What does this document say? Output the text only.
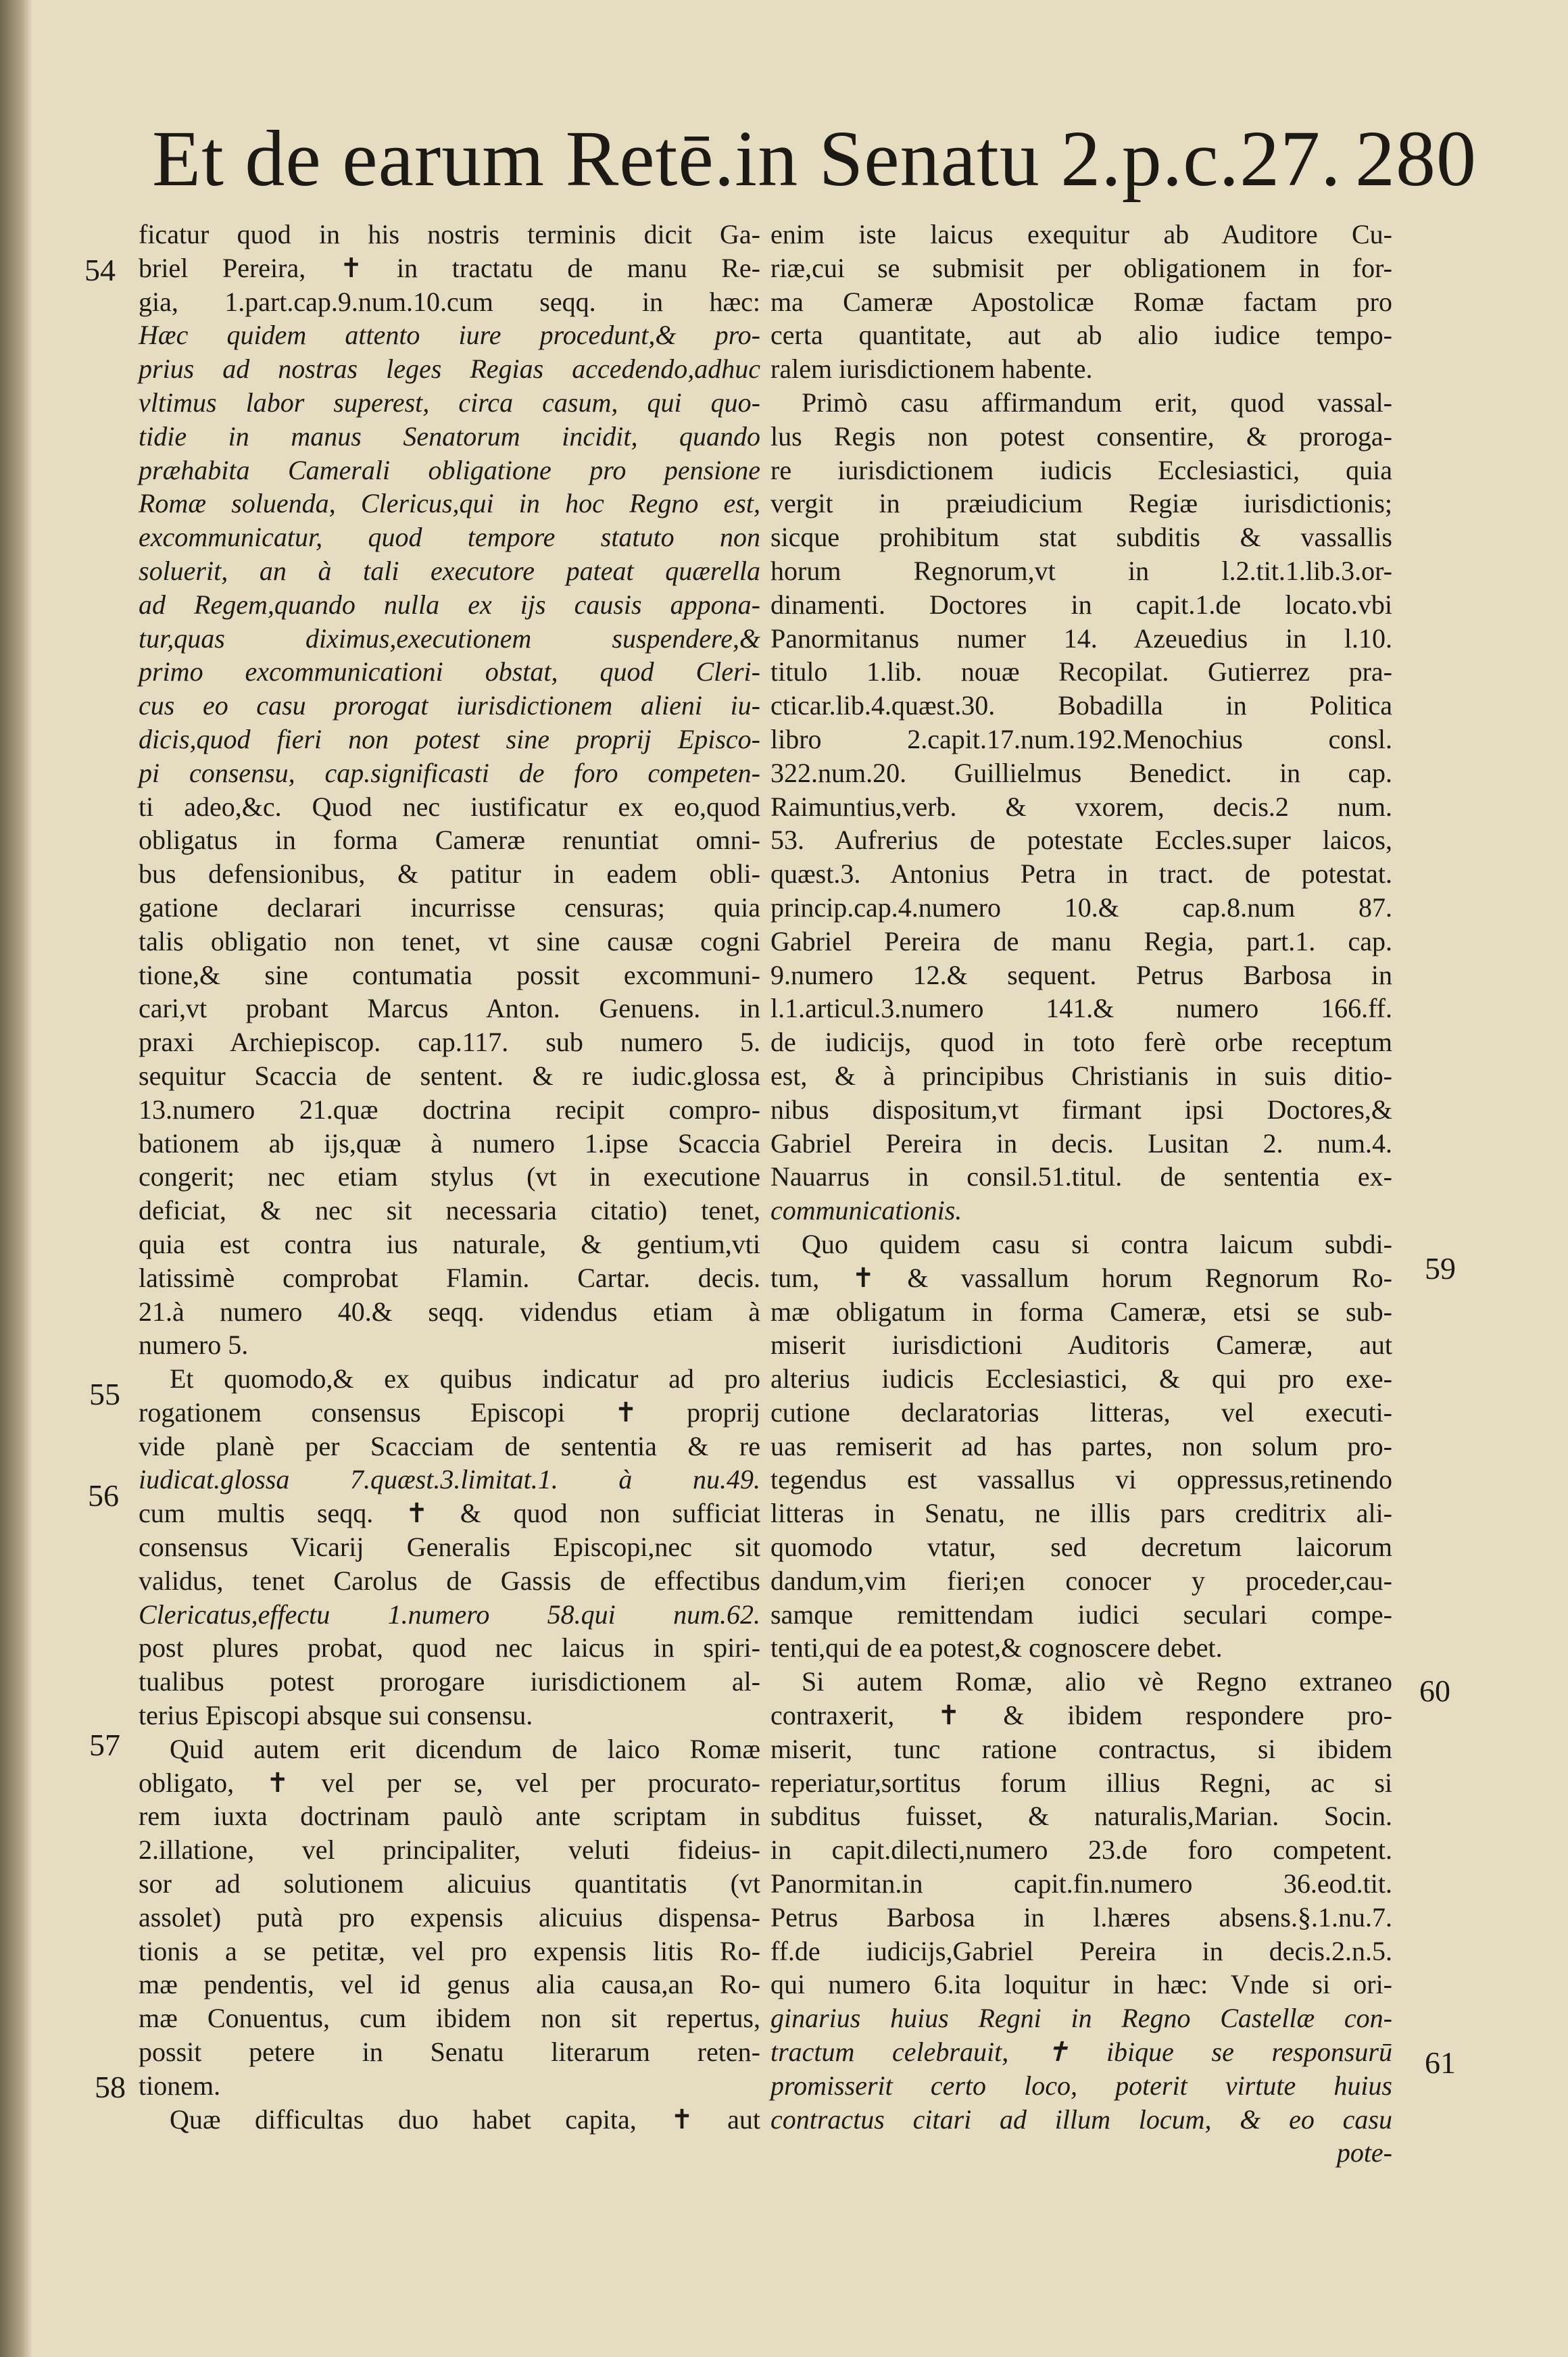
Et de earum Retē.in Senatu 2.p.c.27. 280
54
55
56
57
58
59
60
61
ficatur quod in his nostris terminis dicit Ga-
briel Pereira, ✝ in tractatu de manu Re-
gia, 1.part.cap.9.num.10.cum seqq. in hæc:
Hæc quidem attento iure procedunt,& pro-
prius ad nostras leges Regias accedendo,adhuc
vltimus labor superest, circa casum, qui quo-
tidie in manus Senatorum incidit, quando
præhabita Camerali obligatione pro pensione
Romæ soluenda, Clericus,qui in hoc Regno est,
excommunicatur, quod tempore statuto non
soluerit, an à tali executore pateat quærella
ad Regem,quando nulla ex ijs causis appona-
tur,quas diximus,executionem suspendere,&
primo excommunicationi obstat, quod Cleri-
cus eo casu prorogat iurisdictionem alieni iu-
dicis,quod fieri non potest sine proprij Episco-
pi consensu, cap.significasti de foro competen-
ti adeo,&c. Quod nec iustificatur ex eo,quod
obligatus in forma Cameræ renuntiat omni-
bus defensionibus, & patitur in eadem obli-
gatione declarari incurrisse censuras; quia
talis obligatio non tenet, vt sine causæ cogni
tione,& sine contumatia possit excommuni-
cari,vt probant Marcus Anton. Genuens. in
praxi Archiepiscop. cap.117. sub numero 5.
sequitur Scaccia de sentent. & re iudic.glossa
13.numero 21.quæ doctrina recipit compro-
bationem ab ijs,quæ à numero 1.ipse Scaccia
congerit; nec etiam stylus (vt in executione
deficiat, & nec sit necessaria citatio) tenet,
quia est contra ius naturale, & gentium,vti
latissimè comprobat Flamin. Cartar. decis.
21.à numero 40.& seqq. videndus etiam à
numero 5.
Et quomodo,& ex quibus indicatur ad pro
rogationem consensus Episcopi ✝ proprij
vide planè per Scacciam de sententia & re
iudicat.glossa 7.quæst.3.limitat.1. à nu.49.
cum multis seqq. ✝ & quod non sufficiat
consensus Vicarij Generalis Episcopi,nec sit
validus, tenet Carolus de Gassis de effectibus
Clericatus,effectu 1.numero 58.qui num.62.
post plures probat, quod nec laicus in spiri-
tualibus potest prorogare iurisdictionem al-
terius Episcopi absque sui consensu.
Quid autem erit dicendum de laico Romæ
obligato, ✝ vel per se, vel per procurato-
rem iuxta doctrinam paulò ante scriptam in
2.illatione, vel principaliter, veluti fideius-
sor ad solutionem alicuius quantitatis (vt
assolet) putà pro expensis alicuius dispensa-
tionis a se petitæ, vel pro expensis litis Ro-
mæ pendentis, vel id genus alia causa,an Ro-
mæ Conuentus, cum ibidem non sit repertus,
possit petere in Senatu literarum reten-
tionem.
Quæ difficultas duo habet capita, ✝ aut
enim iste laicus exequitur ab Auditore Cu-
riæ,cui se submisit per obligationem in for-
ma Cameræ Apostolicæ Romæ factam pro
certa quantitate, aut ab alio iudice tempo-
ralem iurisdictionem habente.
Primò casu affirmandum erit, quod vassal-
lus Regis non potest consentire, & proroga-
re iurisdictionem iudicis Ecclesiastici, quia
vergit in præiudicium Regiæ iurisdictionis;
sicque prohibitum stat subditis & vassallis
horum Regnorum,vt in l.2.tit.1.lib.3.or-
dinamenti. Doctores in capit.1.de locato.vbi
Panormitanus numer 14. Azeuedius in l.10.
titulo 1.lib. nouæ Recopilat. Gutierrez pra-
cticar.lib.4.quæst.30. Bobadilla in Politica
libro 2.capit.17.num.192.Menochius consl.
322.num.20. Guillielmus Benedict. in cap.
Raimuntius,verb. & vxorem, decis.2 num.
53. Aufrerius de potestate Eccles.super laicos,
quæst.3. Antonius Petra in tract. de potestat.
princip.cap.4.numero 10.& cap.8.num 87.
Gabriel Pereira de manu Regia, part.1. cap.
9.numero 12.& sequent. Petrus Barbosa in
l.1.articul.3.numero 141.& numero 166.ff.
de iudicijs, quod in toto ferè orbe receptum
est, & à principibus Christianis in suis ditio-
nibus dispositum,vt firmant ipsi Doctores,&
Gabriel Pereira in decis. Lusitan 2. num.4.
Nauarrus in consil.51.titul. de sententia ex-
communicationis.
Quo quidem casu si contra laicum subdi-
tum, ✝ & vassallum horum Regnorum Ro-
mæ obligatum in forma Cameræ, etsi se sub-
miserit iurisdictioni Auditoris Cameræ, aut
alterius iudicis Ecclesiastici, & qui pro exe-
cutione declaratorias litteras, vel executi-
uas remiserit ad has partes, non solum pro-
tegendus est vassallus vi oppressus,retinendo
litteras in Senatu, ne illis pars creditrix ali-
quomodo vtatur, sed decretum laicorum
dandum,vim fieri;en conocer y proceder,cau-
samque remittendam iudici seculari compe-
tenti,qui de ea potest,& cognoscere debet.
Si autem Romæ, alio vè Regno extraneo
contraxerit, ✝ & ibidem respondere pro-
miserit, tunc ratione contractus, si ibidem
reperiatur,sortitus forum illius Regni, ac si
subditus fuisset, & naturalis,Marian. Socin.
in capit.dilecti,numero 23.de foro competent.
Panormitan.in capit.fin.numero 36.eod.tit.
Petrus Barbosa in l.hæres absens.§.1.nu.7.
ff.de iudicijs,Gabriel Pereira in decis.2.n.5.
qui numero 6.ita loquitur in hæc: Vnde si ori-
ginarius huius Regni in Regno Castellæ con-
tractum celebrauit, ✝ ibique se responsurū
promisserit certo loco, poterit virtute huius
contractus citari ad illum locum, & eo casu
pote-
